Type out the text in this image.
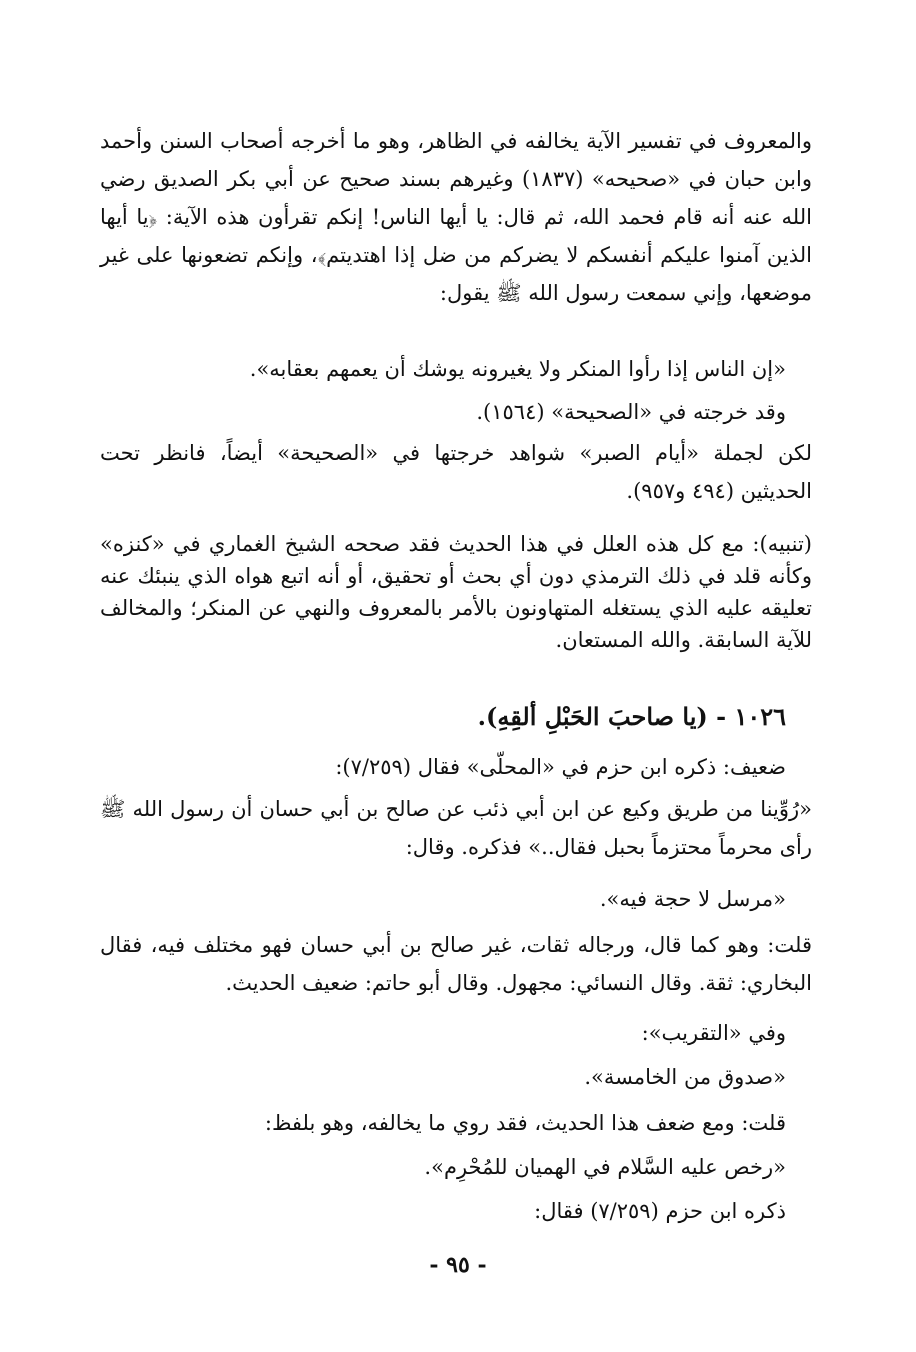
والمعروف في تفسير الآية يخالفه في الظاهر، وهو ما أخرجه أصحاب السنن وأحمد وابن حبان في «صحيحه» (١٨٣٧) وغيرهم بسند صحيح عن أبي بكر الصديق رضي الله عنه أنه قام فحمد الله، ثم قال: يا أيها الناس! إنكم تقرأون هذه الآية: ﴿يا أيها الذين آمنوا عليكم أنفسكم لا يضركم من ضل إذا اهتديتم﴾، وإنكم تضعونها على غير موضعها، وإني سمعت رسول الله ﷺ يقول:

«إن الناس إذا رأوا المنكر ولا يغيرونه يوشك أن يعمهم بعقابه».
وقد خرجته في «الصحيحة» (١٥٦٤).

لكن لجملة «أيام الصبر» شواهد خرجتها في «الصحيحة» أيضاً، فانظر تحت الحديثين (٤٩٤ و٩٥٧).

(تنبيه): مع كل هذه العلل في هذا الحديث فقد صححه الشيخ الغماري في «كنزه» وكأنه قلد في ذلك الترمذي دون أي بحث أو تحقيق، أو أنه اتبع هواه الذي ينبئك عنه تعليقه عليه الذي يستغله المتهاونون بالأمر بالمعروف والنهي عن المنكر؛ والمخالف للآية السابقة. والله المستعان.

١٠٢٦ - (يا صاحبَ الحَبْلِ ألقِهِ).
ضعيف: ذكره ابن حزم في «المحلّى» فقال (٧/٢٥٩):

«رُوِّينا من طريق وكيع عن ابن أبي ذئب عن صالح بن أبي حسان أن رسول الله ﷺ رأى محرماً محتزماً بحبل فقال..» فذكره. وقال:

«مرسل لا حجة فيه».

قلت: وهو كما قال، ورجاله ثقات، غير صالح بن أبي حسان فهو مختلف فيه، فقال البخاري: ثقة. وقال النسائي: مجهول. وقال أبو حاتم: ضعيف الحديث.

وفي «التقريب»:
«صدوق من الخامسة».
قلت: ومع ضعف هذا الحديث، فقد روي ما يخالفه، وهو بلفظ:
«رخص عليه السَّلام في الهميان للمُحْرِم».
ذكره ابن حزم (٧/٢٥٩) فقال:
- ٩٥ -
